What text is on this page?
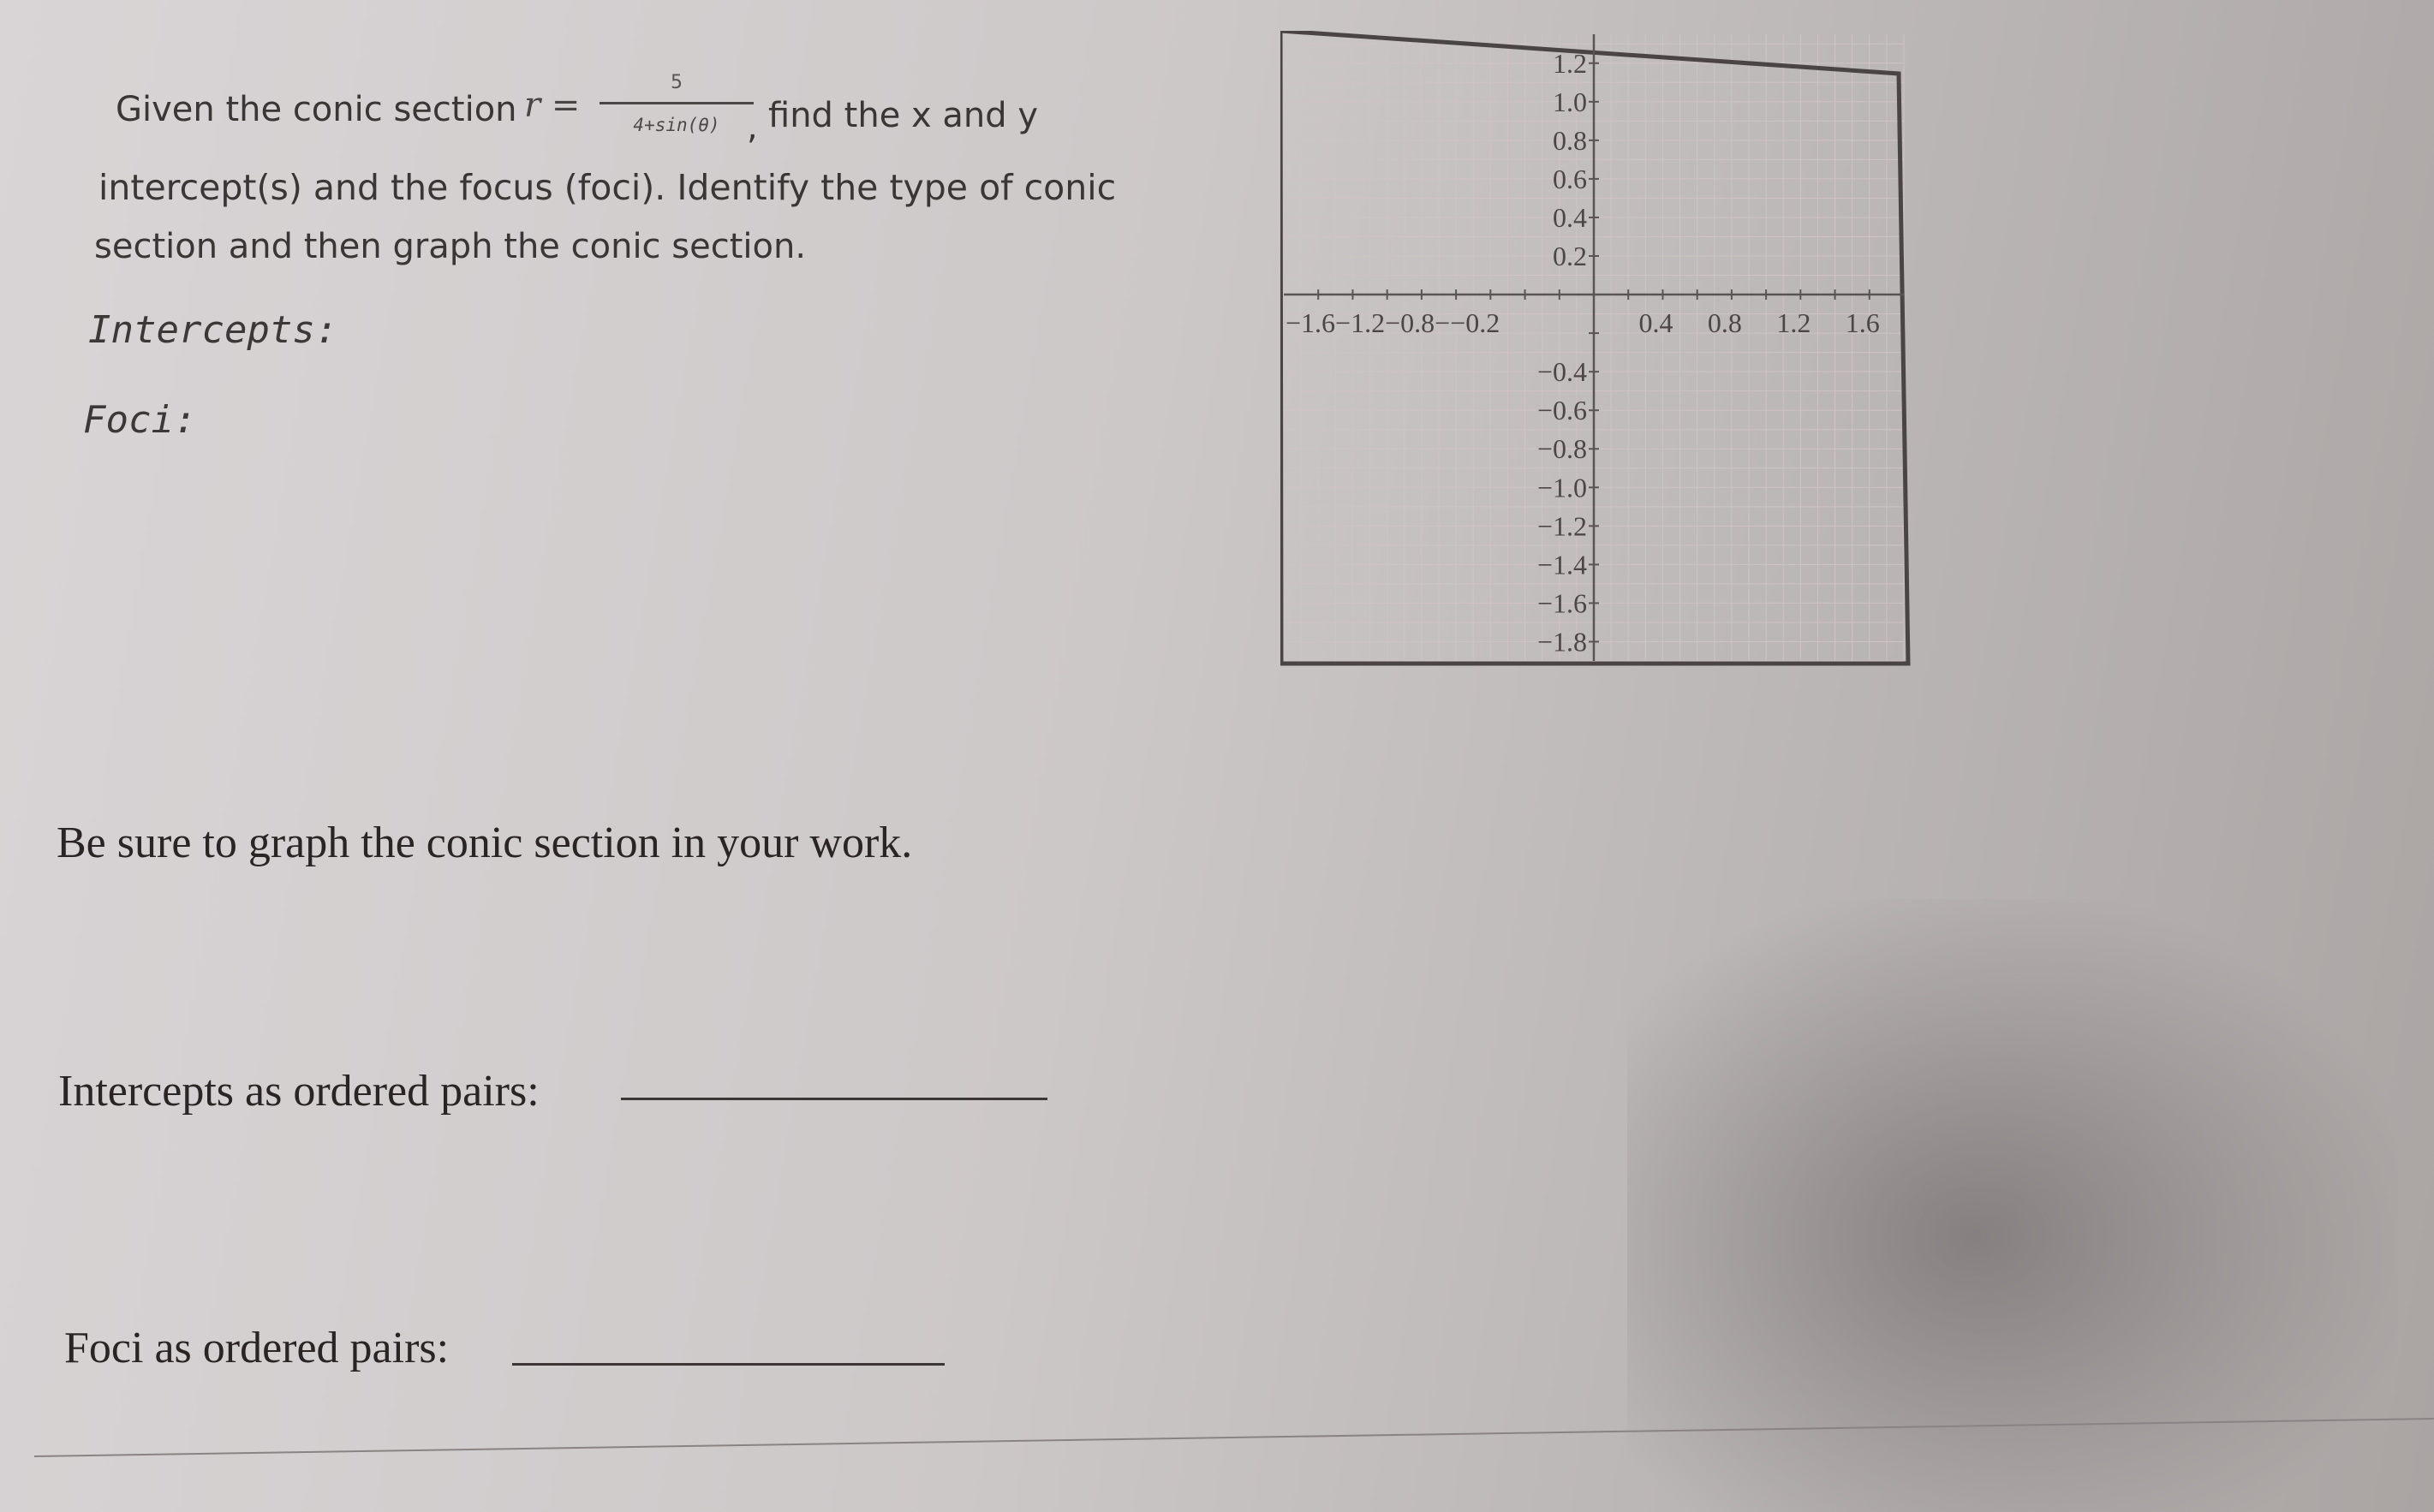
Given the conic section r =
5
4+sin(θ) , find the x and y
intercept(s) and the focus (foci). Identify the type of conic
section and then graph the conic section.
Intercepts:
Foci:
Be sure to graph the conic section in your work.
Intercepts as ordered pairs:
Foci as ordered pairs:
1.2
1.0
0.8
0.6
0.4
0.2
−0.4
−0.6
−0.8
−1.0
−1.2
−1.4
−1.6
−1.8
−1.6−1.2−0.8−−0.2	0.4 0.8 1.2 1.6
